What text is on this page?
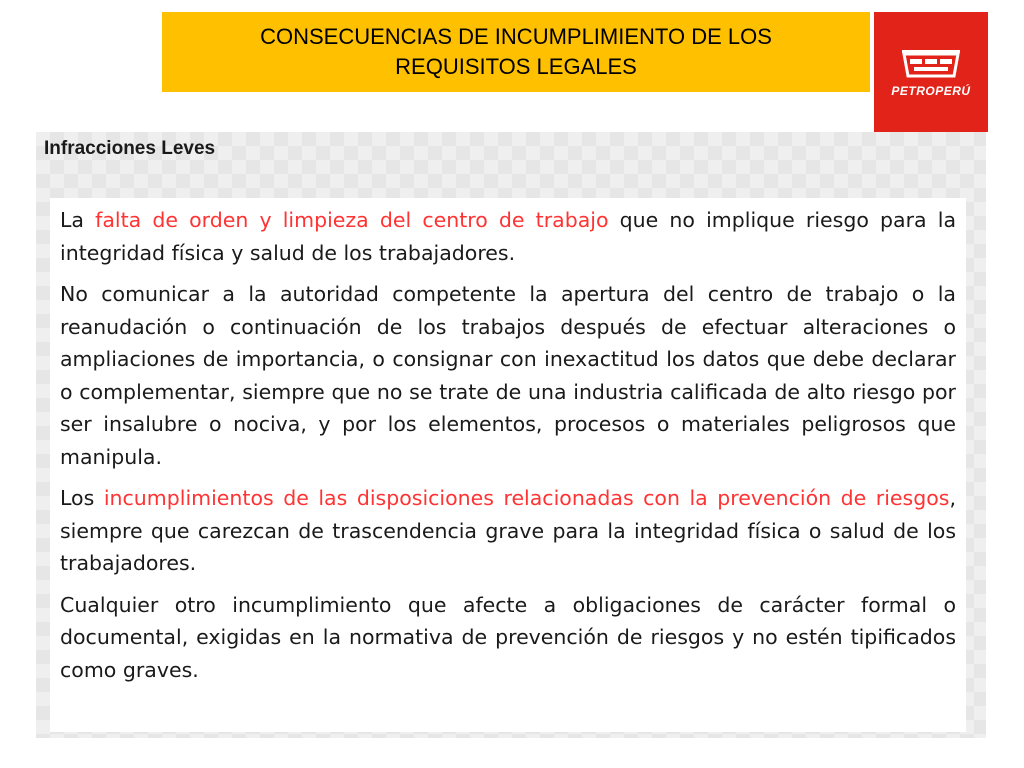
CONSECUENCIAS DE INCUMPLIMIENTO DE LOS REQUISITOS LEGALES
PETROPERÚ
Infracciones Leves

La falta de orden y limpieza del centro de trabajo que no implique riesgo para la integridad física y salud de los trabajadores.

No comunicar a la autoridad competente la apertura del centro de trabajo o la reanudación o continuación de los trabajos después de efectuar alteraciones o ampliaciones de importancia, o consignar con inexactitud los datos que debe declarar o complementar, siempre que no se trate de una industria calificada de alto riesgo por ser insalubre o nociva, y por los elementos, procesos o materiales peligrosos que manipula.

Los incumplimientos de las disposiciones relacionadas con la prevención de riesgos, siempre que carezcan de trascendencia grave para la integridad física o salud de los trabajadores.

Cualquier otro incumplimiento que afecte a obligaciones de carácter formal o documental, exigidas en la normativa de prevención de riesgos y no estén tipificados como graves.
